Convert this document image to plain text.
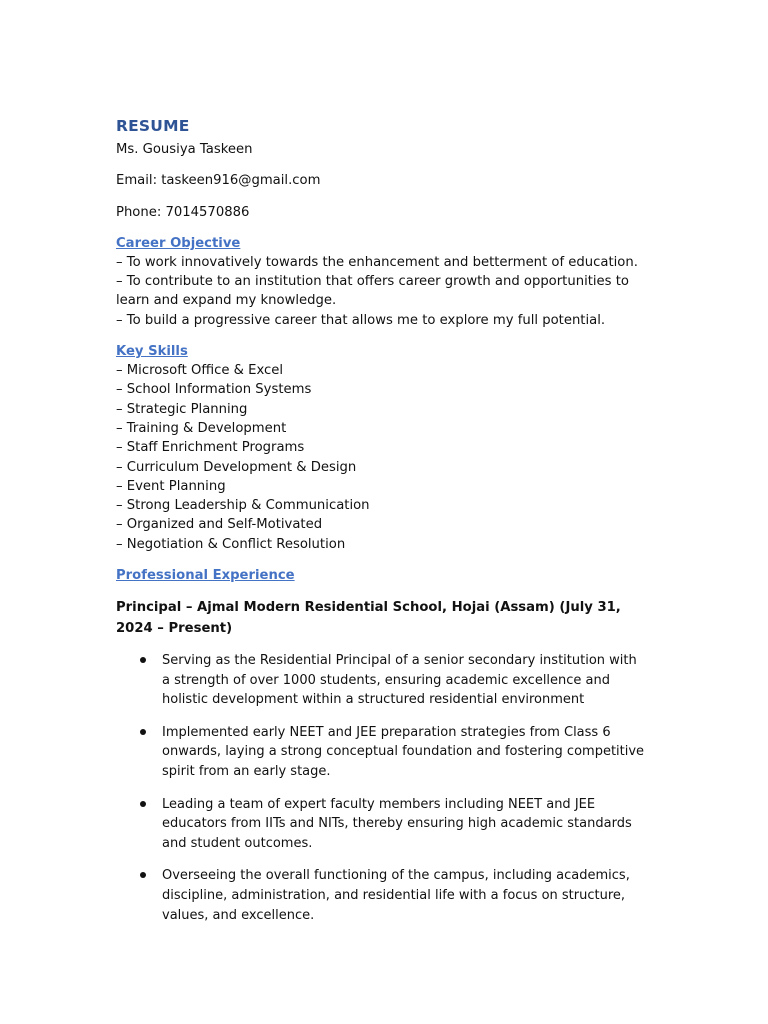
RESUME

Ms. Gousiya Taskeen

Email: taskeen916@gmail.com

Phone: 7014570886

Career Objective

– To work innovatively towards the enhancement and betterment of education.
– To contribute to an institution that offers career growth and opportunities to learn and expand my knowledge.
– To build a progressive career that allows me to explore my full potential.

Key Skills

– Microsoft Office & Excel
– School Information Systems
– Strategic Planning
– Training & Development
– Staff Enrichment Programs
– Curriculum Development & Design
– Event Planning
– Strong Leadership & Communication
– Organized and Self-Motivated
– Negotiation & Conflict Resolution

Professional Experience

Principal – Ajmal Modern Residential School, Hojai (Assam) (July 31, 2024 – Present)

Serving as the Residential Principal of a senior secondary institution with a strength of over 1000 students, ensuring academic excellence and holistic development within a structured residential environment
Implemented early NEET and JEE preparation strategies from Class 6 onwards, laying a strong conceptual foundation and fostering competitive spirit from an early stage.
Leading a team of expert faculty members including NEET and JEE educators from IITs and NITs, thereby ensuring high academic standards and student outcomes.
Overseeing the overall functioning of the campus, including academics, discipline, administration, and residential life with a focus on structure, values, and excellence.
